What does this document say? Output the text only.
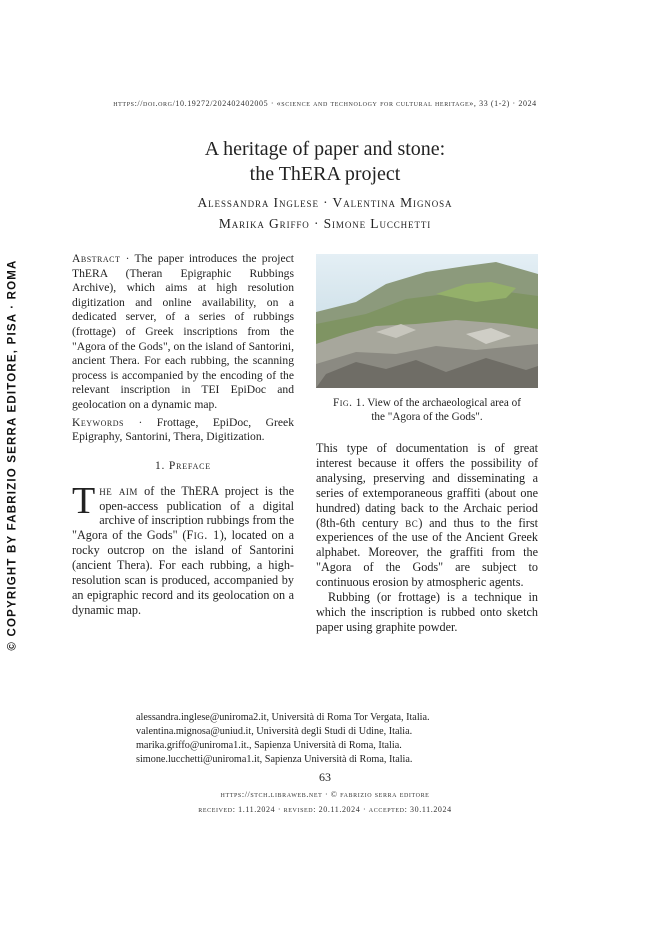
© COPYRIGHT BY FABRIZIO SERRA EDITORE, PISA · ROMA
https://doi.org/10.19272/202402402005 · «science and technology for cultural heritage», 33 (1-2) · 2024
A heritage of paper and stone:
the ThERA project
Alessandra Inglese · Valentina Mignosa
Marika Griffo · Simone Lucchetti

Abstract · The paper introduces the project ThERA (Theran Epigraphic Rubbings Archive), which aims at high resolution digitization and online availability, on a dedicated server, of a series of rubbings (frottage) of Greek inscriptions from the "Agora of the Gods", on the island of Santorini, ancient Thera. For each rubbing, the scanning process is accompanied by the encoding of the relevant inscription in TEI EpiDoc and geolocation on a dynamic map.

Keywords · Frottage, EpiDoc, Greek Epigraphy, Santorini, Thera, Digitization.

1. Preface

The aim of the ThERA project is the open-access publication of a digital archive of inscription rubbings from the "Agora of the Gods" (Fig. 1), located on a rocky outcrop on the island of Santorini (ancient Thera). For each rubbing, a high-resolution scan is produced, accompanied by an epigraphic record and its geolocation on a dynamic map.

Fig. 1. View of the archaeological area of the "Agora of the Gods".

This type of documentation is of great interest because it offers the possibility of analysing, preserving and disseminating a series of extemporaneous graffiti (about one hundred) dating back to the Archaic period (8th-6th century bc) and thus to the first experiences of the use of the Ancient Greek alphabet. Moreover, the graffiti from the "Agora of the Gods" are subject to continuous erosion by atmospheric agents.

Rubbing (or frottage) is a technique in which the inscription is rubbed onto sketch paper using graphite powder.

alessandra.inglese@uniroma2.it, Università di Roma Tor Vergata, Italia.
valentina.mignosa@uniud.it, Università degli Studi di Udine, Italia.
marika.griffo@uniroma1.it., Sapienza Università di Roma, Italia.
simone.lucchetti@uniroma1.it, Sapienza Università di Roma, Italia.
63
https://stch.libraweb.net · © fabrizio serra editore
received: 1.11.2024 · revised: 20.11.2024 · accepted: 30.11.2024
